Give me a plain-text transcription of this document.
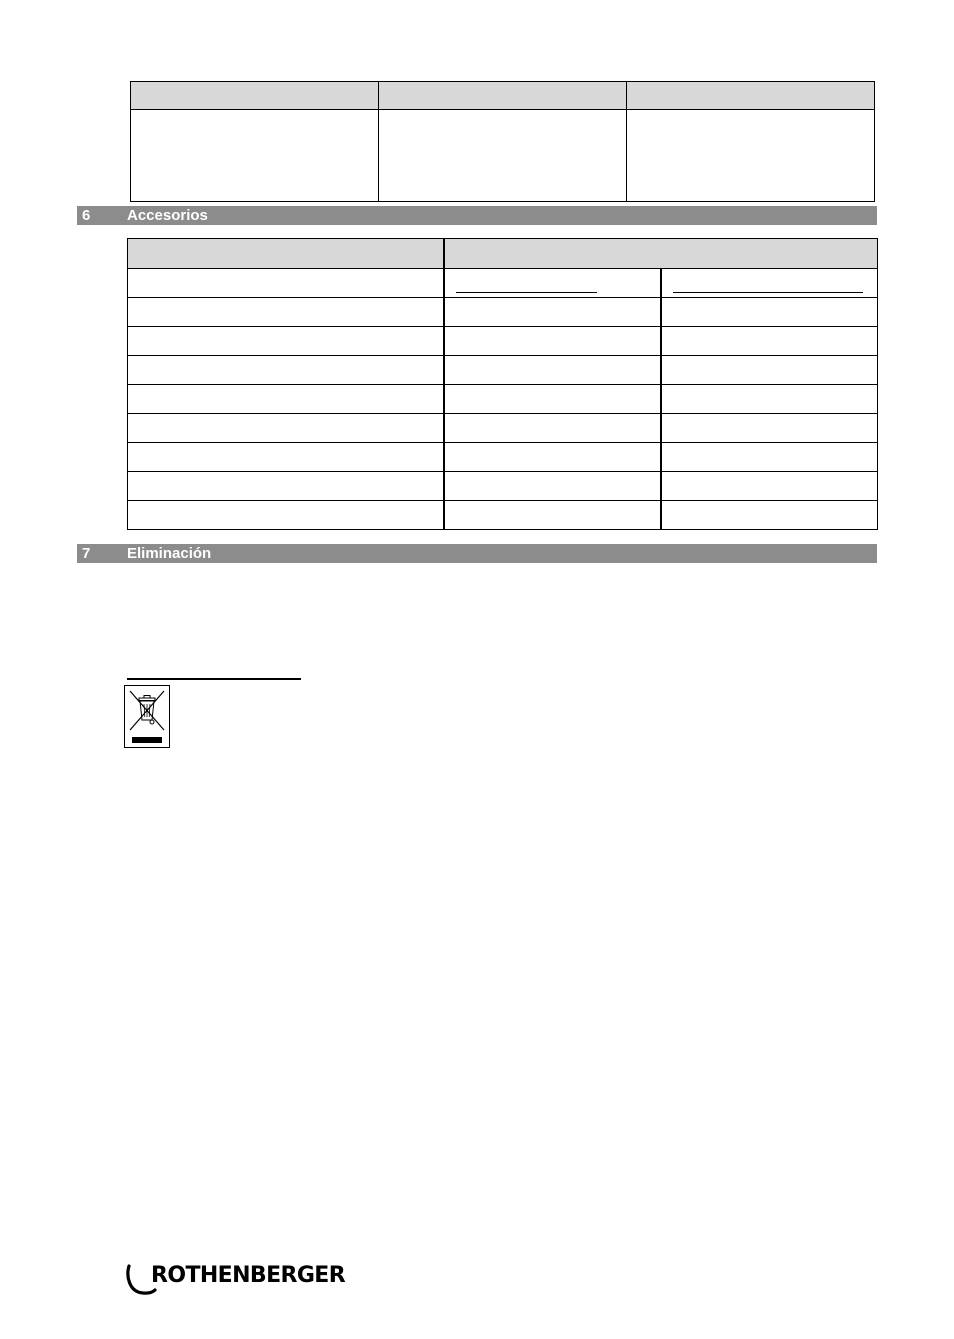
6 Accesorios

7 Eliminación
ROTHENBERGER
